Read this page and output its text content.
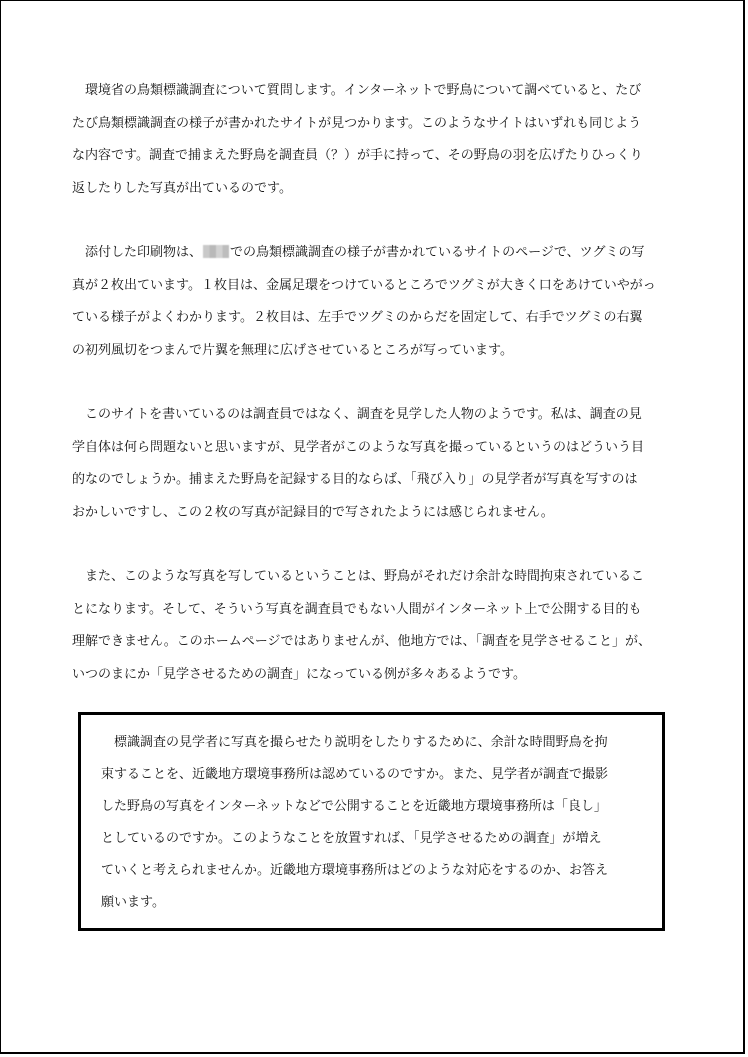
　環境省の鳥類標識調査について質問します。インターネットで野鳥について調べていると、たび
たび鳥類標識調査の様子が書かれたサイトが見つかります。このようなサイトはいずれも同じよう
な内容です。調査で捕まえた野鳥を調査員（？）が手に持って、その野鳥の羽を広げたりひっくり
返したりした写真が出ているのです。
　添付した印刷物は、 での鳥類標識調査の様子が書かれているサイトのページで、ツグミの写
真が２枚出ています。１枚目は、金属足環をつけているところでツグミが大きく口をあけていやがっ
ている様子がよくわかります。２枚目は、左手でツグミのからだを固定して、右手でツグミの右翼
の初列風切をつまんで片翼を無理に広げさせているところが写っています。
　このサイトを書いているのは調査員ではなく、調査を見学した人物のようです。私は、調査の見
学自体は何ら問題ないと思いますが、見学者がこのような写真を撮っているというのはどういう目
的なのでしょうか。捕まえた野鳥を記録する目的ならば、「飛び入り」の見学者が写真を写すのは
おかしいですし、この２枚の写真が記録目的で写されたようには感じられません。
　また、このような写真を写しているということは、野鳥がそれだけ余計な時間拘束されているこ
とになります。そして、そういう写真を調査員でもない人間がインターネット上で公開する目的も
理解できません。このホームページではありませんが、他地方では、「調査を見学させること」が、
いつのまにか「見学させるための調査」になっている例が多々あるようです。
　標識調査の見学者に写真を撮らせたり説明をしたりするために、余計な時間野鳥を拘
束することを、近畿地方環境事務所は認めているのですか。また、見学者が調査で撮影
した野鳥の写真をインターネットなどで公開することを近畿地方環境事務所は「良し」
としているのですか。このようなことを放置すれば、「見学させるための調査」が増え
ていくと考えられませんか。近畿地方環境事務所はどのような対応をするのか、お答え
願います。
